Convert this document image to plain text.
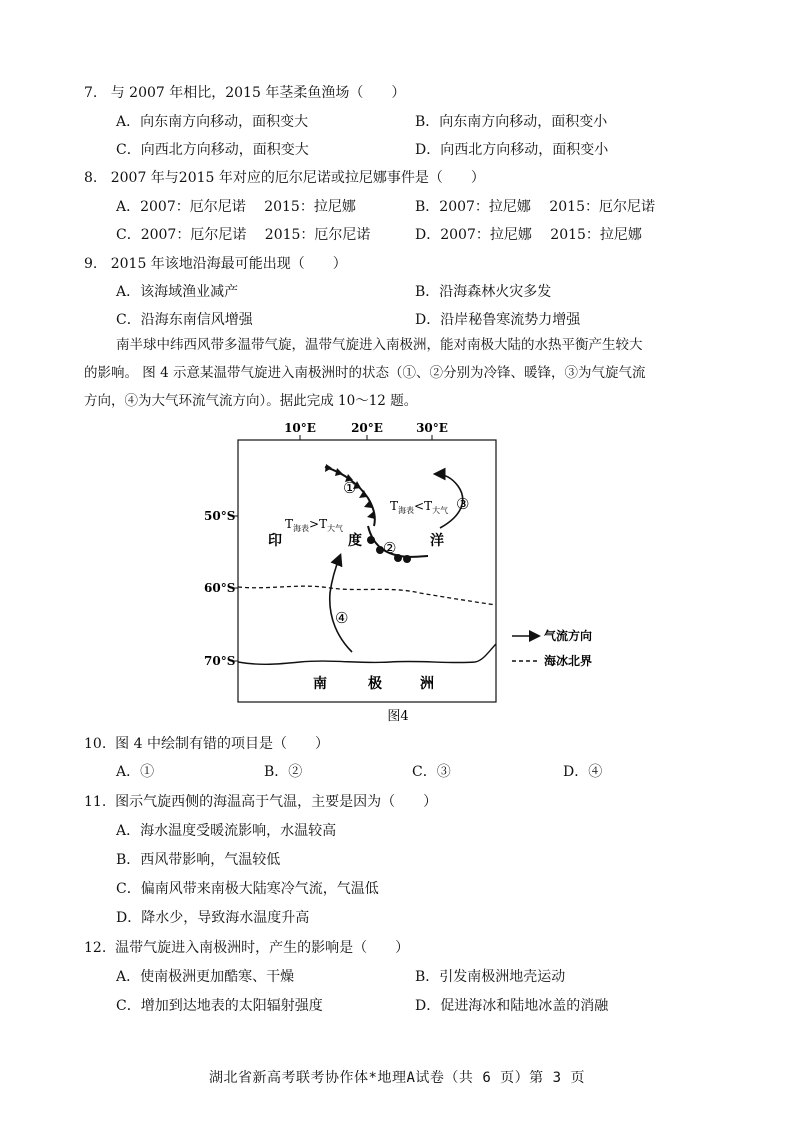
7. 与 2007 年相比，2015 年茎柔鱼渔场（　　）
A．向东南方向移动，面积变大	B．向东南方向移动，面积变小
C．向西北方向移动，面积变大	D．向西北方向移动，面积变小
8. 2007 年与2015 年对应的厄尔尼诺或拉尼娜事件是（　　）
A．2007：厄尔尼诺　 2015：拉尼娜	B．2007：拉尼娜　 2015：厄尔尼诺
C．2007：厄尔尼诺　 2015：厄尔尼诺	D．2007：拉尼娜　 2015：拉尼娜
9. 2015 年该地沿海最可能出现（　　）
A．该海域渔业减产	B．沿海森林火灾多发
C．沿海东南信风增强	D．沿岸秘鲁寒流势力增强
南半球中纬西风带多温带气旋，温带气旋进入南极洲，能对南极大陆的水热平衡产生较大
的影响。 图 4 示意某温带气旋进入南极洲时的状态（①、②分别为冷锋、暖锋，③为气旋气流
方向，④为大气环流气流方向）。据此完成 10～12 题。
10°E	20°E	30°E
50°S
60°S
70°S
①
②
③
④
$T_{海表}>T_{大气}$
$T_{海表}<T_{大气}$
印	度	洋
南	极	洲
气流方向
海冰北界
图4
10. 图 4 中绘制有错的项目是（　　）
A．①	B．②	C．③	D．④
11. 图示气旋西侧的海温高于气温，主要是因为（　　）
A．海水温度受暖流影响，水温较高
B．西风带影响，气温较低
C．偏南风带来南极大陆寒冷气流，气温低
D．降水少，导致海水温度升高
12. 温带气旋进入南极洲时，产生的影响是（　　）
A．使南极洲更加酷寒、干燥	B．引发南极洲地壳运动
C．增加到达地表的太阳辐射强度	D．促进海冰和陆地冰盖的消融
湖北省新高考联考协作体*地理A试卷（共 6 页）第 3 页
